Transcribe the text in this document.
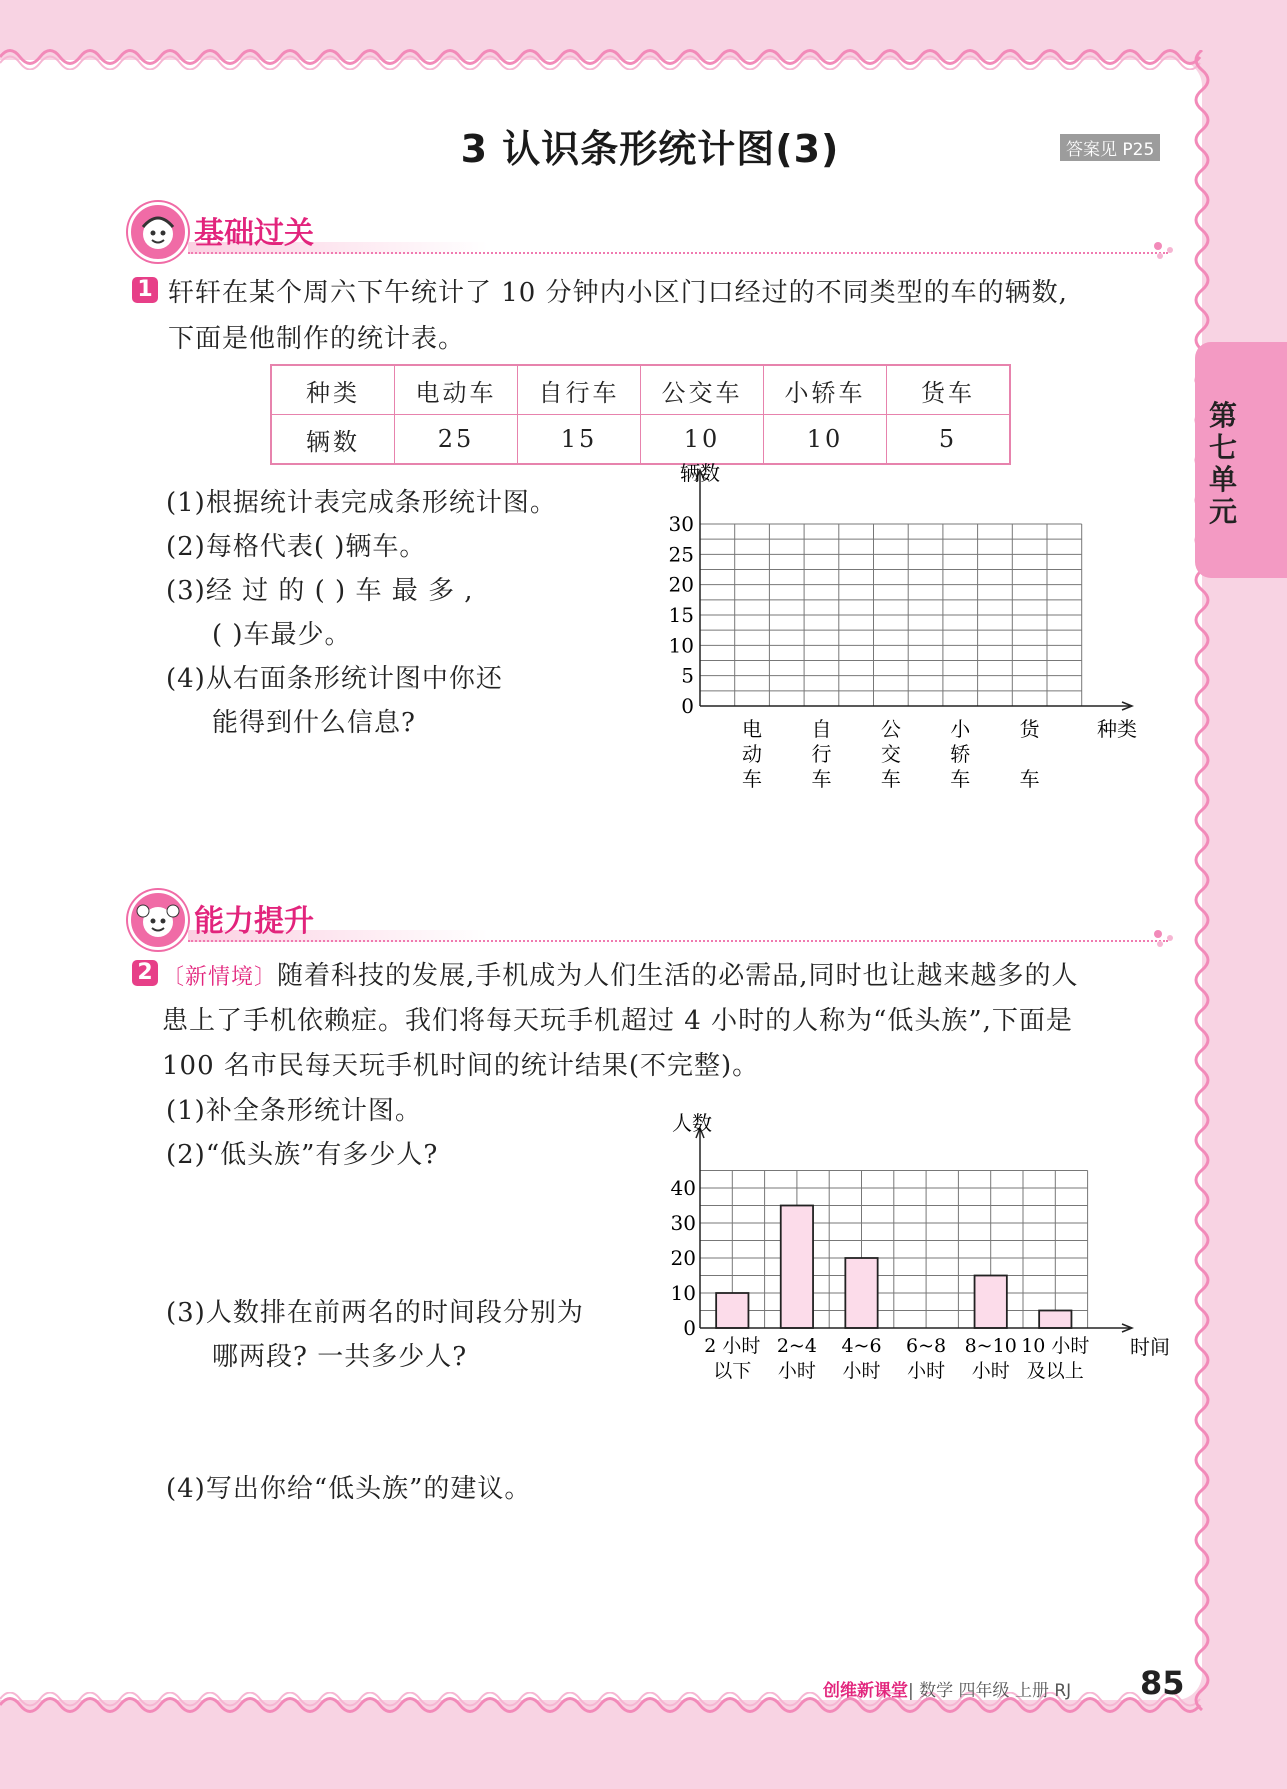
3 认识条形统计图(3)	答案见 P25
第七单元
基础过关
1 轩轩在某个周六下午统计了 10 分钟内小区门口经过的不同类型的车的辆数,
下面是他制作的统计表。
种类	电动车	自行车	公交车	小轿车	货车
辆数	25	15	10	10	5
(1)根据统计表完成条形统计图。
(2)每格代表( )辆车。
(3)经 过 的 ( ) 车 最 多 ,
( )车最少。
(4)从右面条形统计图中你还
能得到什么信息?
辆数
0
5
10
15
20
25
30
电
动
车
自
行
车
公
交
车
小
轿
车
货
车
种类
能力提升
2 〔新情境〕随着科技的发展,手机成为人们生活的必需品,同时也让越来越多的人
患上了手机依赖症。我们将每天玩手机超过 4 小时的人称为“低头族”,下面是
100 名市民每天玩手机时间的统计结果(不完整)。
(1)补全条形统计图。
(2)“低头族”有多少人?
(3)人数排在前两名的时间段分别为
哪两段? 一共多少人?
(4)写出你给“低头族”的建议。
人数
0
10
20
30
40
2 小时
以下
2~4
小时
4~6
小时
6~8
小时
8~10
小时
10 小时
及以上
时间
创维新课堂| 数学 四年级 上册 RJ 85
